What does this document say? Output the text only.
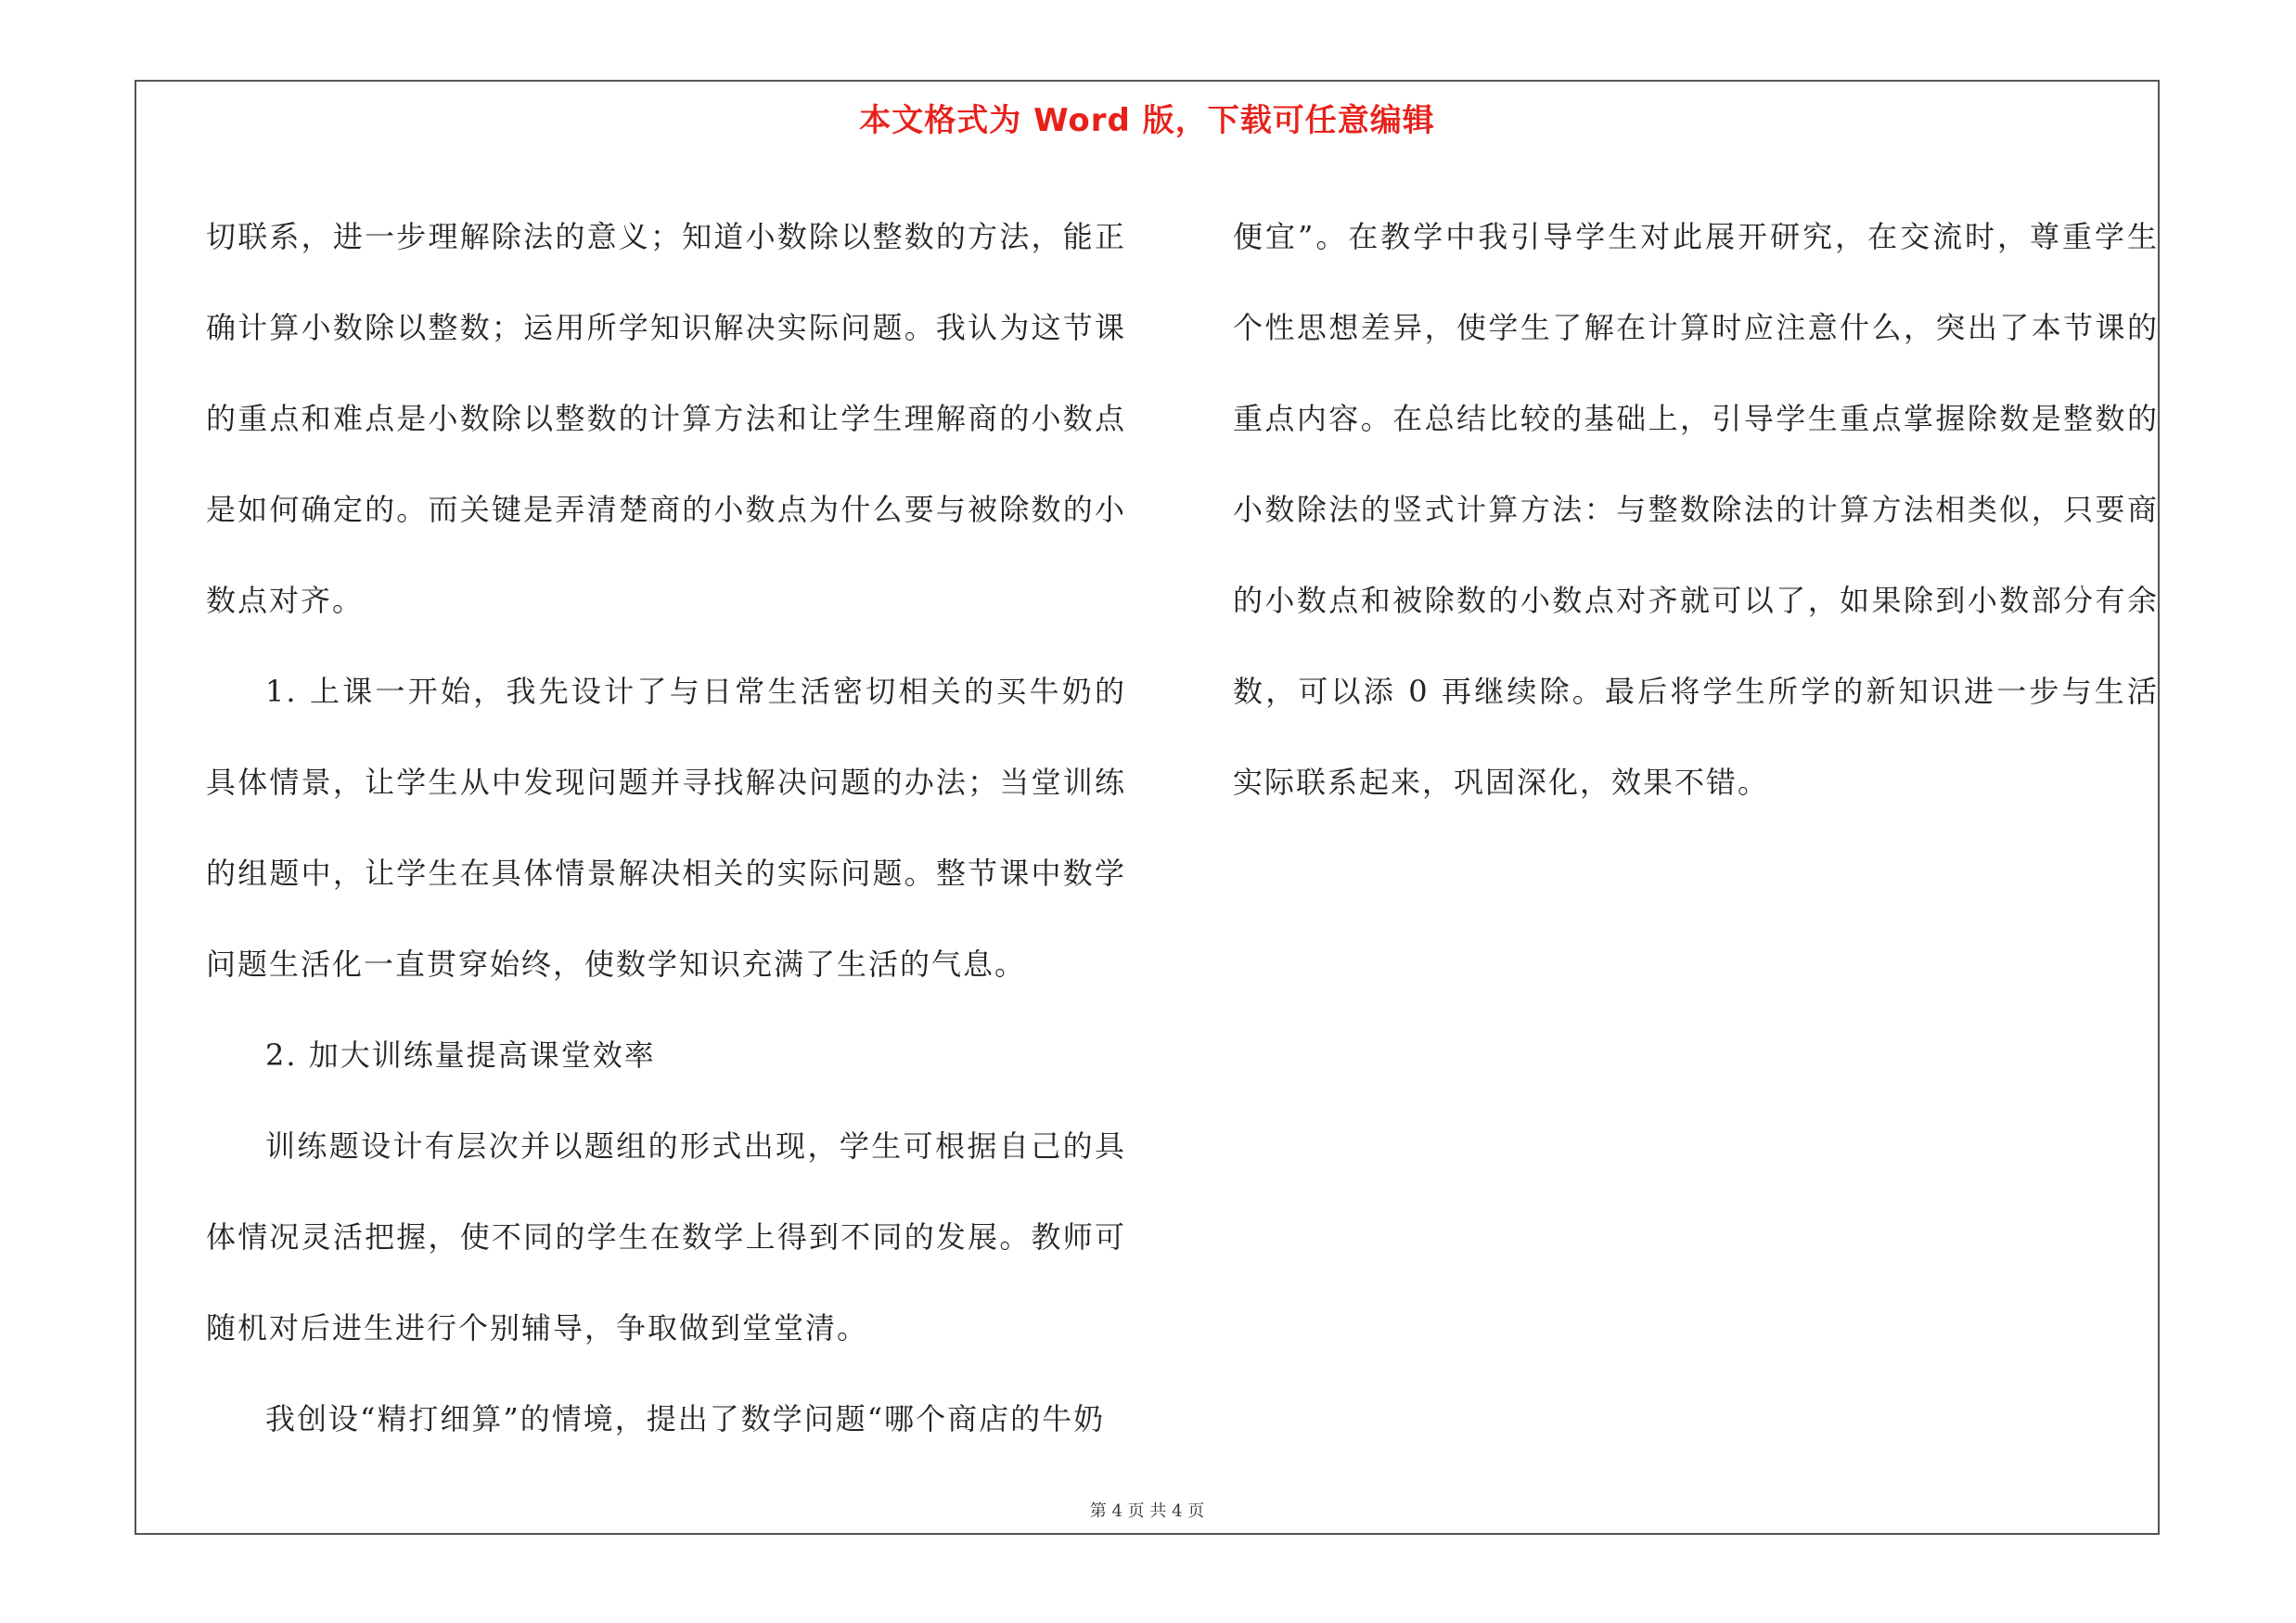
本文格式为 Word 版，下载可任意编辑

切联系，进一步理解除法的意义；知道小数除以整数的方法，能正确计算小数除以整数；运用所学知识解决实际问题。我认为这节课的重点和难点是小数除以整数的计算方法和让学生理解商的小数点是如何确定的。而关键是弄清楚商的小数点为什么要与被除数的小数点对齐。

1. 上课一开始，我先设计了与日常生活密切相关的买牛奶的具体情景，让学生从中发现问题并寻找解决问题的办法；当堂训练的组题中，让学生在具体情景解决相关的实际问题。整节课中数学问题生活化一直贯穿始终，使数学知识充满了生活的气息。

2. 加大训练量提高课堂效率

训练题设计有层次并以题组的形式出现，学生可根据自己的具体情况灵活把握，使不同的学生在数学上得到不同的发展。教师可随机对后进生进行个别辅导，争取做到堂堂清。

我创设“精打细算”的情境，提出了数学问题“哪个商店的牛奶

便宜”。在教学中我引导学生对此展开研究，在交流时，尊重学生个性思想差异，使学生了解在计算时应注意什么，突出了本节课的重点内容。在总结比较的基础上，引导学生重点掌握除数是整数的小数除法的竖式计算方法：与整数除法的计算方法相类似，只要商的小数点和被除数的小数点对齐就可以了，如果除到小数部分有余数，可以添 0 再继续除。最后将学生所学的新知识进一步与生活实际联系起来，巩固深化，效果不错。

第 4 页 共 4 页
